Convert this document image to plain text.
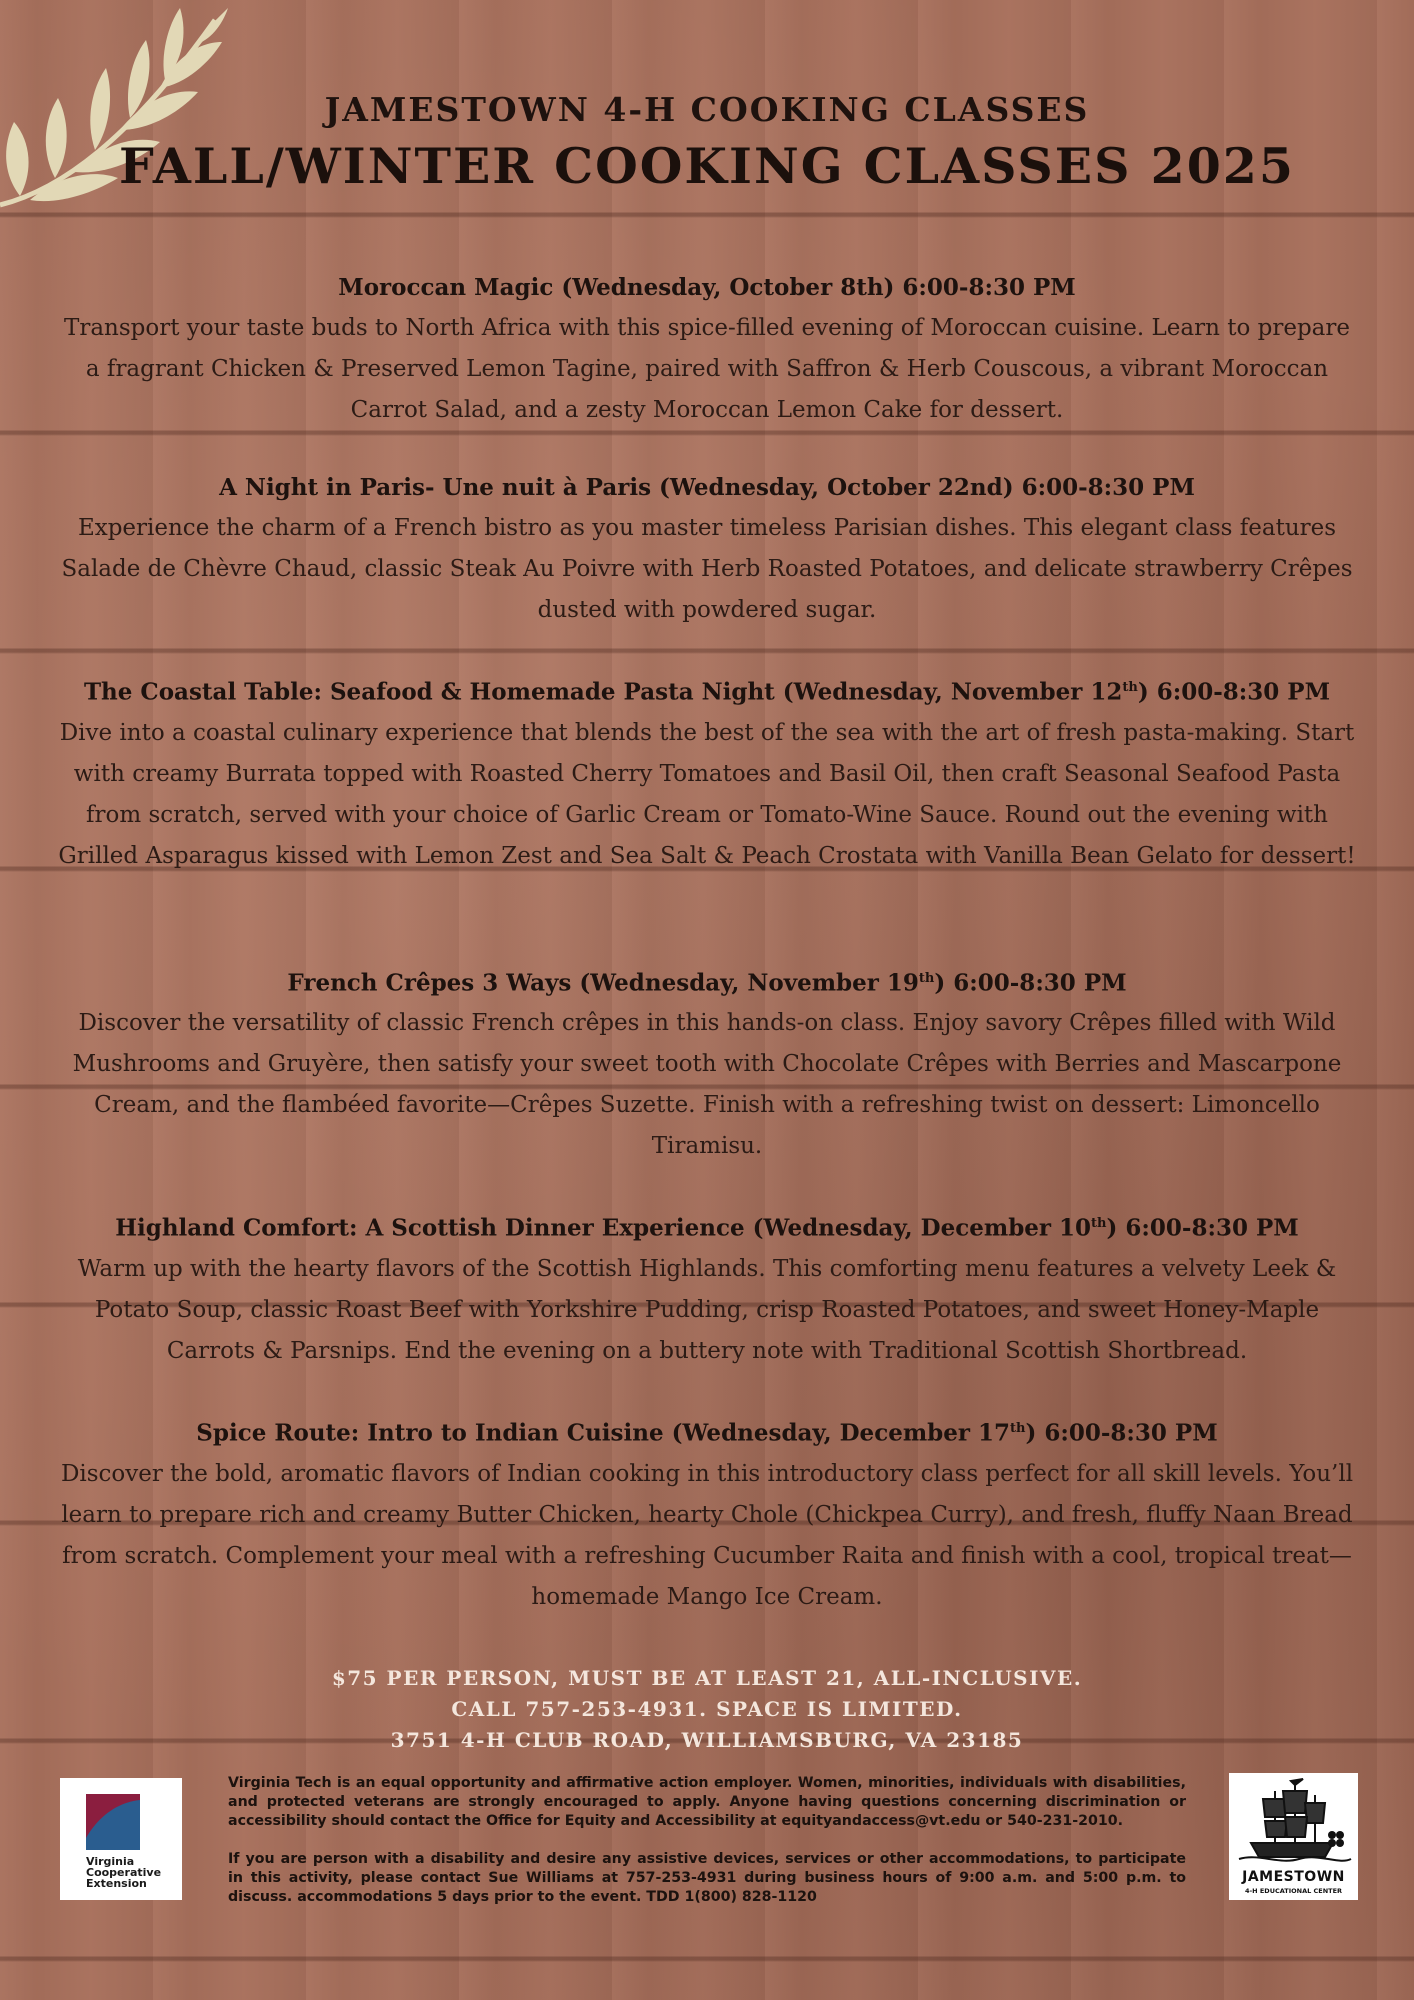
JAMESTOWN 4-H COOKING CLASSES
FALL/WINTER COOKING CLASSES 2025
Moroccan Magic (Wednesday, October 8th) 6:00-8:30 PM
Transport your taste buds to North Africa with this spice-filled evening of Moroccan cuisine. Learn to prepare a fragrant Chicken & Preserved Lemon Tagine, paired with Saffron & Herb Couscous, a vibrant Moroccan Carrot Salad, and a zesty Moroccan Lemon Cake for dessert.
A Night in Paris- Une nuit à Paris (Wednesday, October 22nd) 6:00-8:30 PM
Experience the charm of a French bistro as you master timeless Parisian dishes. This elegant class features Salade de Chèvre Chaud, classic Steak Au Poivre with Herb Roasted Potatoes, and delicate strawberry Crêpes dusted with powdered sugar.
The Coastal Table: Seafood & Homemade Pasta Night (Wednesday, November 12th) 6:00-8:30 PM
Dive into a coastal culinary experience that blends the best of the sea with the art of fresh pasta-making. Start with creamy Burrata topped with Roasted Cherry Tomatoes and Basil Oil, then craft Seasonal Seafood Pasta from scratch, served with your choice of Garlic Cream or Tomato-Wine Sauce. Round out the evening with Grilled Asparagus kissed with Lemon Zest and Sea Salt & Peach Crostata with Vanilla Bean Gelato for dessert!
French Crêpes 3 Ways (Wednesday, November 19th) 6:00-8:30 PM
Discover the versatility of classic French crêpes in this hands-on class. Enjoy savory Crêpes filled with Wild Mushrooms and Gruyère, then satisfy your sweet tooth with Chocolate Crêpes with Berries and Mascarpone Cream, and the flambéed favorite—Crêpes Suzette. Finish with a refreshing twist on dessert: Limoncello Tiramisu.
Highland Comfort: A Scottish Dinner Experience (Wednesday, December 10th) 6:00-8:30 PM
Warm up with the hearty flavors of the Scottish Highlands. This comforting menu features a velvety Leek & Potato Soup, classic Roast Beef with Yorkshire Pudding, crisp Roasted Potatoes, and sweet Honey-Maple Carrots & Parsnips. End the evening on a buttery note with Traditional Scottish Shortbread.
Spice Route: Intro to Indian Cuisine (Wednesday, December 17th) 6:00-8:30 PM
Discover the bold, aromatic flavors of Indian cooking in this introductory class perfect for all skill levels. You’ll learn to prepare rich and creamy Butter Chicken, hearty Chole (Chickpea Curry), and fresh, fluffy Naan Bread from scratch. Complement your meal with a refreshing Cucumber Raita and finish with a cool, tropical treat—homemade Mango Ice Cream.
$75 PER PERSON, MUST BE AT LEAST 21, ALL-INCLUSIVE.
CALL 757-253-4931. SPACE IS LIMITED.
3751 4-H CLUB ROAD, WILLIAMSBURG, VA 23185
Virginia
Cooperative
Extension

Virginia Tech is an equal opportunity and affirmative action employer. Women, minorities, individuals with disabilities, and protected veterans are strongly encouraged to apply. Anyone having questions concerning discrimination or accessibility should contact the Office for Equity and Accessibility at equityandaccess@vt.edu or 540-231-2010.

If you are person with a disability and desire any assistive devices, services or other accommodations, to participate in this activity, please contact Sue Williams at 757-253-4931 during business hours of 9:00 a.m. and 5:00 p.m. to discuss. accommodations 5 days prior to the event. TDD 1(800) 828-1120

JAMESTOWN
4-H EDUCATIONAL CENTER
